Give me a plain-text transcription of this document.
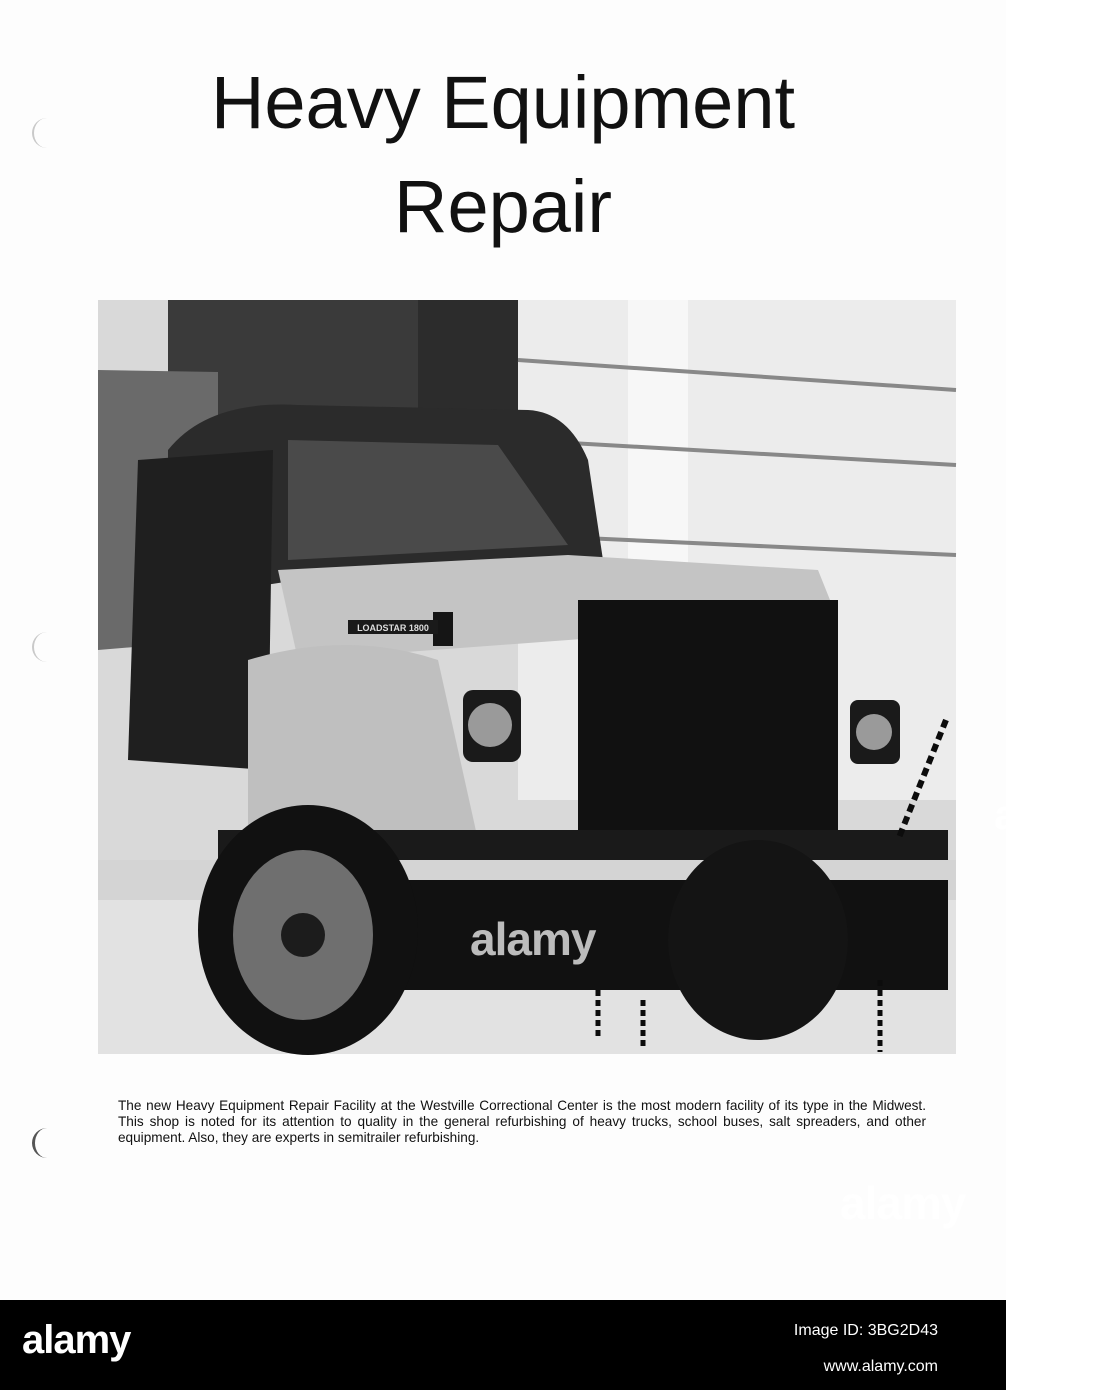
Heavy Equipment
Repair
LOADSTAR 1800
alamy
alamy
alamy

The new Heavy Equipment Repair Facility at the Westville Correctional Center is the most modern facility of its type in the Midwest. This shop is noted for its attention to quality in the general refurbishing of heavy trucks, school buses, salt spreaders, and other equipment. Also, they are experts in semitrailer refurbishing.

alamy	Image ID: 3BG2D43
www.alamy.com
